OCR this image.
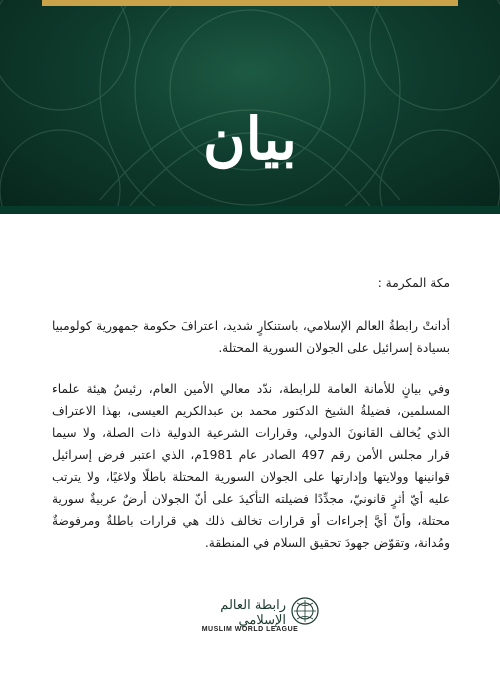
بيان

مكة المكرمة :

أدانتْ رابطةُ العالم الإسلامي، باستنكارٍ شديد، اعترافَ حكومة جمهورية كولومبيا بسيادة إسرائيل على الجولان السورية المحتلة.

وفي بيانٍ للأمانة العامة للرابطة، ندّد معالي الأمين العام، رئيسُ هيئة علماء المسلمين، فضيلةُ الشيخ الدكتور محمد بن عبدالكريم العيسى، بهذا الاعتراف الذي يُخالف القانونَ الدولي، وقرارات الشرعية الدولية ذات الصلة، ولا سيما قرار مجلس الأمن رقم 497 الصادر عام 1981م، الذي اعتبر فرض إسرائيل قوانينها وولايتها وإدارتها على الجولان السورية المحتلة باطلًا ولاغيًا، ولا يترتب عليه أيّ أثرٍ قانونيّ، مجدِّدًا فضيلته التأكيدَ على أنّ الجولان أرضٌ عربيةٌ سورية محتلة، وأنّ أيَّ إجراءات أو قرارات تخالف ذلك هي قرارات باطلةٌ ومرفوضةٌ ومُدانة، وتقوّض جهودَ تحقيق السلام في المنطقة.

رابطة العالم الإسلامي
MUSLIM WORLD LEAGUE
